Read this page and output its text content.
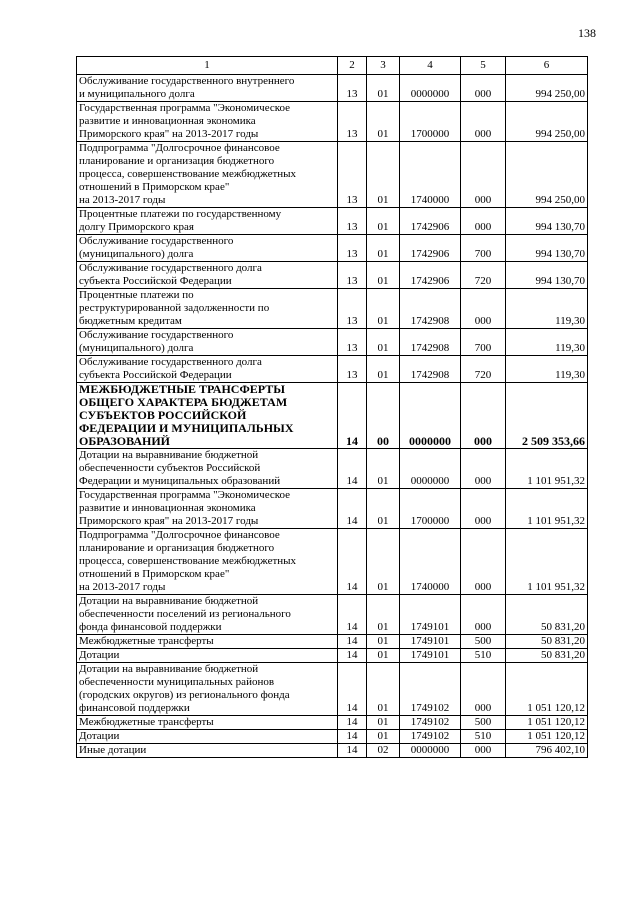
138
1	2	3	4	5	6

Обслуживание государственного внутреннего
и муниципального долга	13	01	0000000	000	994 250,00

Государственная программа "Экономическое
развитие и инновационная экономика
Приморского края" на 2013-2017 годы	13	01	1700000	000	994 250,00

Подпрограмма "Долгосрочное финансовое
планирование и организация бюджетного
процесса, совершенствование межбюджетных
отношений в Приморском крае"
на 2013-2017 годы	13	01	1740000	000	994 250,00

Процентные платежи по государственному
долгу Приморского края	13	01	1742906	000	994 130,70

Обслуживание государственного
(муниципального) долга	13	01	1742906	700	994 130,70

Обслуживание государственного долга
субъекта Российской Федерации	13	01	1742906	720	994 130,70

Процентные платежи по
реструктурированной задолженности по
бюджетным кредитам	13	01	1742908	000	119,30

Обслуживание государственного
(муниципального) долга	13	01	1742908	700	119,30

Обслуживание государственного долга
субъекта Российской Федерации	13	01	1742908	720	119,30

МЕЖБЮДЖЕТНЫЕ ТРАНСФЕРТЫ
ОБЩЕГО ХАРАКТЕРА БЮДЖЕТАМ
СУБЪЕКТОВ РОССИЙСКОЙ
ФЕДЕРАЦИИ И МУНИЦИПАЛЬНЫХ
ОБРАЗОВАНИЙ	14	00	0000000	000	2 509 353,66

Дотации на выравнивание бюджетной
обеспеченности субъектов Российской
Федерации и муниципальных образований	14	01	0000000	000	1 101 951,32

Государственная программа "Экономическое
развитие и инновационная экономика
Приморского края" на 2013-2017 годы	14	01	1700000	000	1 101 951,32

Подпрограмма "Долгосрочное финансовое
планирование и организация бюджетного
процесса, совершенствование межбюджетных
отношений в Приморском крае"
на 2013-2017 годы	14	01	1740000	000	1 101 951,32

Дотации на выравнивание бюджетной
обеспеченности поселений из регионального
фонда финансовой поддержки	14	01	1749101	000	50 831,20

Межбюджетные трансферты	14	01	1749101	500	50 831,20

Дотации	14	01	1749101	510	50 831,20

Дотации на выравнивание бюджетной
обеспеченности муниципальных районов
(городских округов) из регионального фонда
финансовой поддержки	14	01	1749102	000	1 051 120,12

Межбюджетные трансферты	14	01	1749102	500	1 051 120,12

Дотации	14	01	1749102	510	1 051 120,12

Иные дотации	14	02	0000000	000	796 402,10
